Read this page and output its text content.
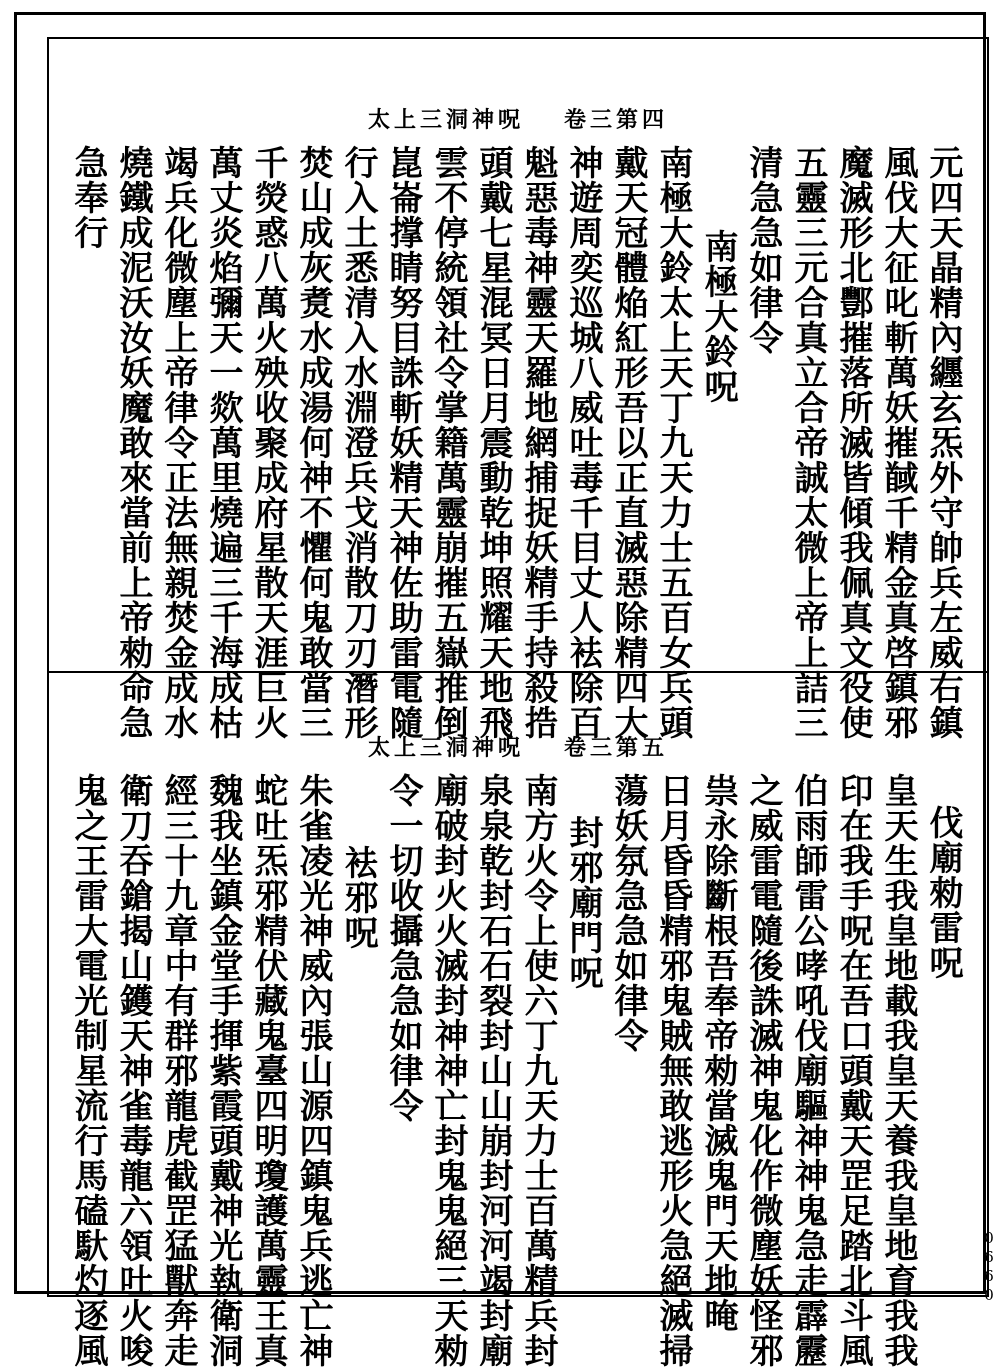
太上三洞神呪 卷三第四
元四天晶精內纒玄炁外守帥兵左威右鎮
風伐大征叱斬萬妖摧馘千精金真啓鎮邪
魔滅形北酆摧落所滅皆傾我佩真文役使
五靈三元合真立合帝誠太微上帝上詰三
清急急如律令
南極大鈴呪
南極大鈴太上天丁九天力士五百女兵頭
戴天冠體焔紅形吾以正直滅惡除精四大
神遊周奕巡城八威吐毒千目丈人袪除百
魁惡毒神靈天羅地網捕捉妖精手持殺捁
頭戴七星混冥日月震動乾坤照耀天地飛
雲不停統領社令掌籍萬靈崩摧五嶽推倒
崑崙撑睛努目誅斬妖精天神佐助雷電隨
行入土悉清入水淵澄兵戈消散刀刃潛形
焚山成灰煑水成湯何神不懼何鬼敢當三
千熒惑八萬火殃收聚成府星散天涯巨火
萬丈炎焰彌天一欻萬里燒遍三千海成枯
竭兵化微塵上帝律令正法無親焚金成水
燒鐵成泥沃汝妖魔敢來當前上帝勑命急
急奉行
太上三洞神呪 卷三第五
伐廟勑雷呪
皇天生我皇地載我皇天養我皇地育我我
印在我手呪在吾口頭戴天罡足踏北斗風
伯雨師雷公哮吼伐廟驅神神鬼急走霹靂
之威雷電隨後誅滅神鬼化作微塵妖怪邪
祟永除斷根吾奉帝勑當滅鬼門天地晻
日月昏昏精邪鬼賊無敢逃形火急絕滅掃
蕩妖氛急急如律令
封邪廟門呪
南方火令上使六丁九天力士百萬精兵封
泉泉乾封石石裂封山山崩封河河竭封廟
廟破封火火滅封神神亡封鬼鬼絕三天勑
令一切收攝急急如律令
袪邪呪
朱雀凌光神威內張山源四鎮鬼兵逃亡神
蛇吐炁邪精伏藏鬼臺四明瓊護萬靈王真
魏我坐鎮金堂手揮紫霞頭戴神光執衛洞
經三十九章中有群邪龍虎截罡猛獸奔走
衛刀吞鎗揭山鑊天神雀毒龍六領吐火唆
鬼之王雷大電光制星流行馬磕馱灼逐風	0660
